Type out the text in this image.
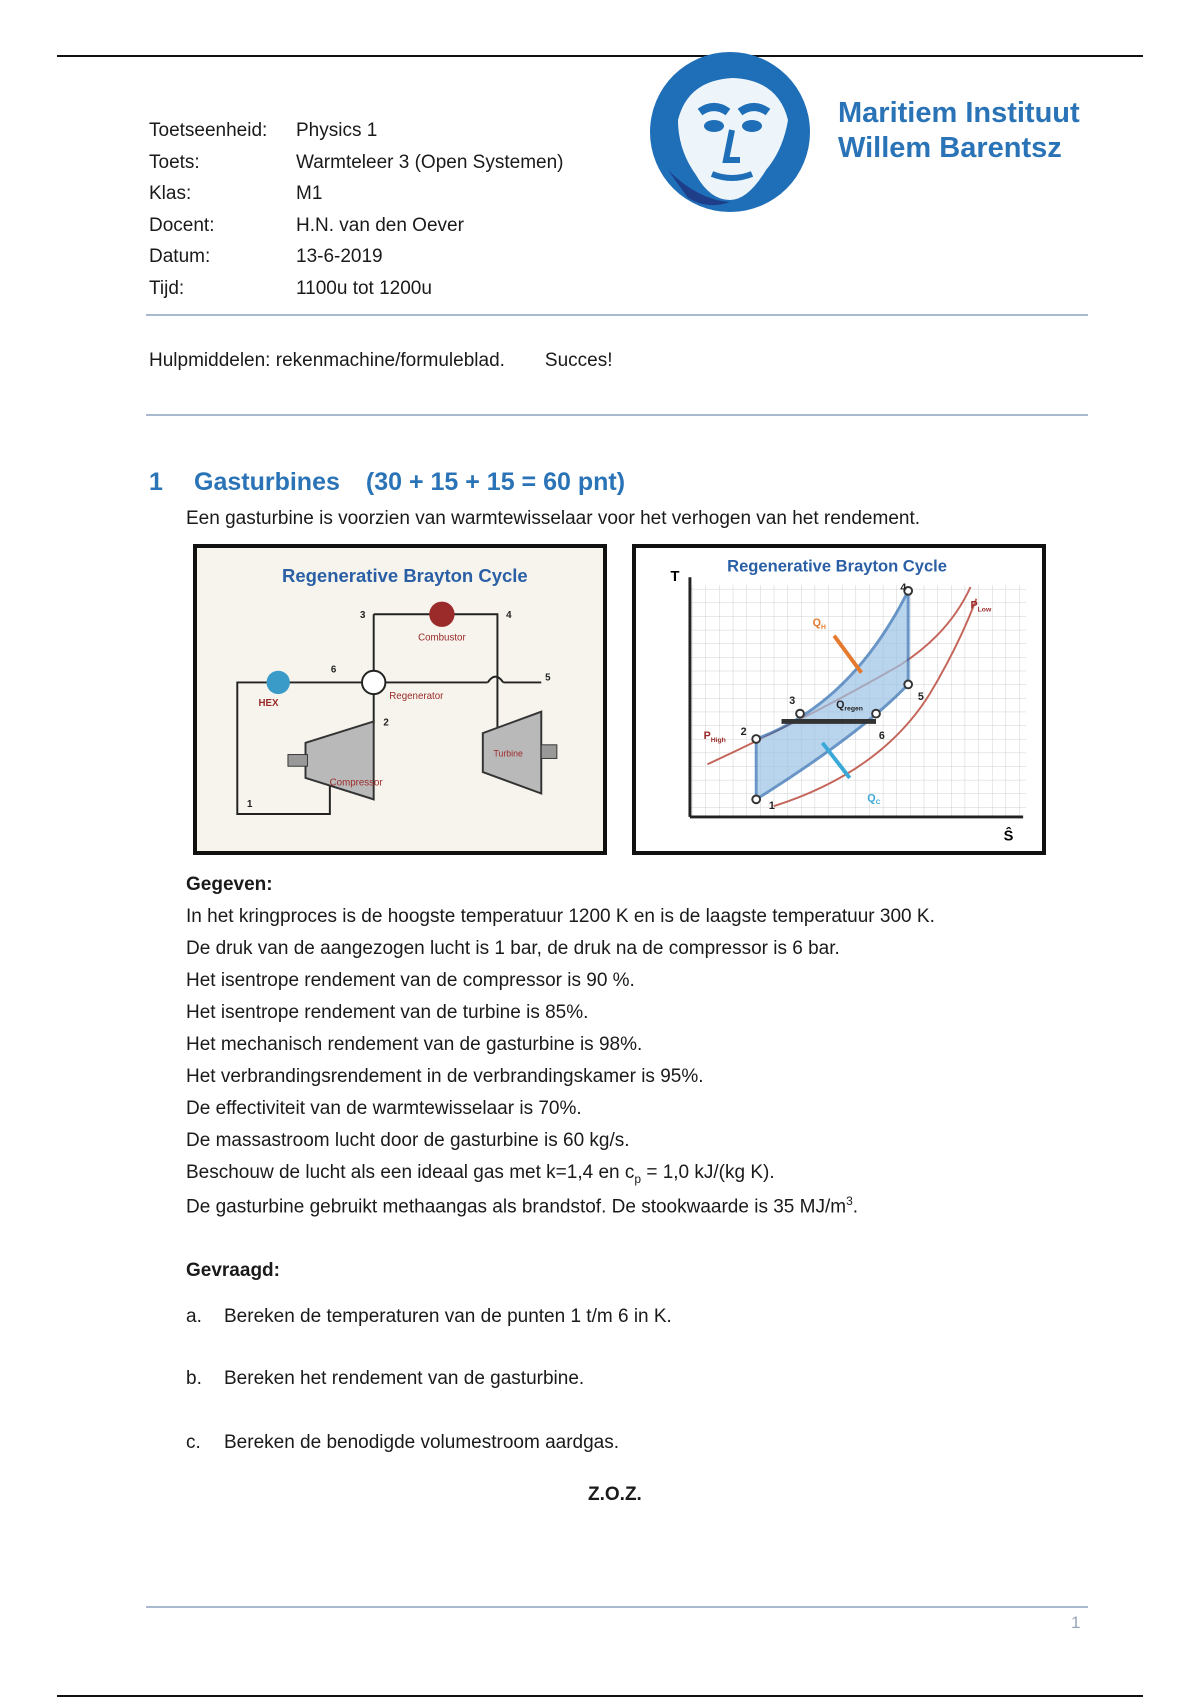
Toetseenheid:	Physics 1
Toets:	Warmteleer 3 (Open Systemen)
Klas:	M1
Docent:	H.N. van den Oever
Datum:	13-6-2019
Tijd:	1100u tot 1200u
Maritiem Instituut
Willem Barentsz
Hulpmiddelen: rekenmachine/formuleblad. Succes!
1 Gasturbines (30 + 15 + 15 = 60 pnt)
Een gasturbine is voorzien van warmtewisselaar voor het verhogen van het rendement.
Regenerative Brayton Cycle
Combustor
Regenerator
HEX
Compressor
Turbine
3	4
5
6
2
1
Regenerative Brayton Cycle
T
Ŝ
1
2
3
4
5
6
$P_{Low}$
$P_{High}$
$Q_H$
$Q_{regen}$
$Q_C$
Gegeven:
In het kringproces is de hoogste temperatuur 1200 K en is de laagste temperatuur 300 K.
De druk van de aangezogen lucht is 1 bar, de druk na de compressor is 6 bar.
Het isentrope rendement van de compressor is 90 %.
Het isentrope rendement van de turbine is 85%.
Het mechanisch rendement van de gasturbine is 98%.
Het verbrandingsrendement in de verbrandingskamer is 95%.
De effectiviteit van de warmtewisselaar is 70%.
De massastroom lucht door de gasturbine is 60 kg/s.
Beschouw de lucht als een ideaal gas met k=1,4 en $c_p = 1,0$ kJ/(kg K).
De gasturbine gebruikt methaangas als brandstof. De stookwaarde is 35 $MJ/m^3$.
Gevraagd:
a.	Bereken de temperaturen van de punten 1 t/m 6 in K.
b.	Bereken het rendement van de gasturbine.
c.	Bereken de benodigde volumestroom aardgas.
Z.O.Z.
1
